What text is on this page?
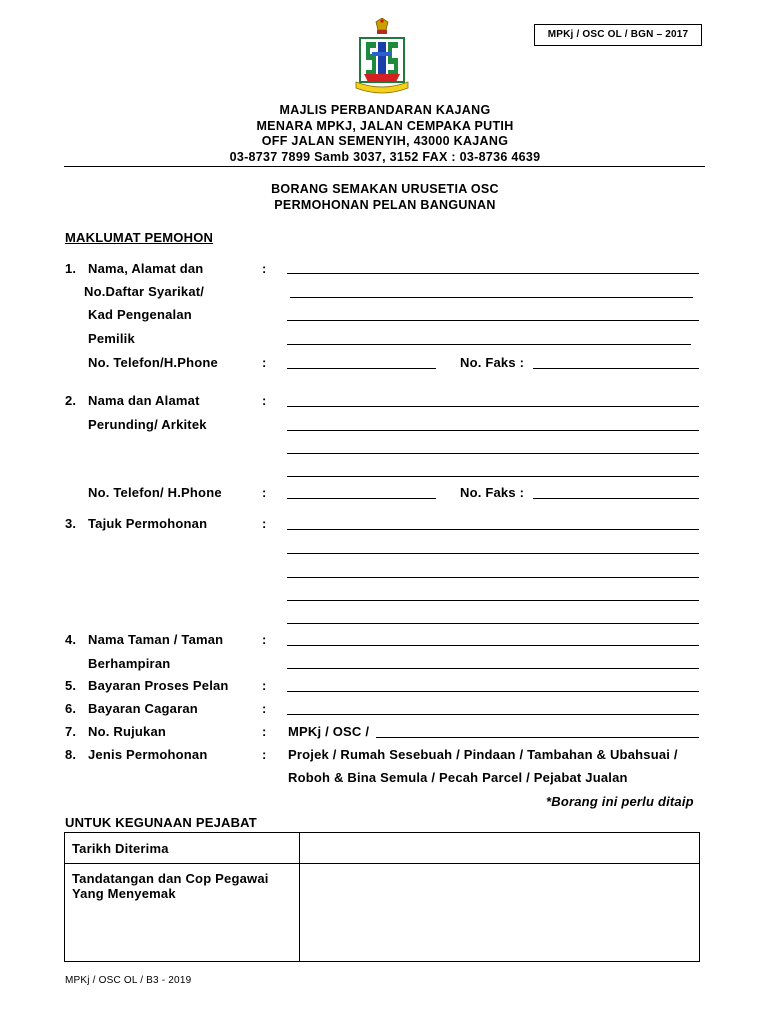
MPKj / OSC OL / BGN – 2017
MAJLIS PERBANDARAN KAJANG
MENARA MPKJ, JALAN CEMPAKA PUTIH
OFF JALAN SEMENYIH, 43000 KAJANG
03-8737 7899 Samb 3037, 3152 FAX : 03-8736 4639
BORANG SEMAKAN URUSETIA OSC
PERMOHONAN PELAN BANGUNAN
MAKLUMAT PEMOHON
1. Nama, Alamat dan
No.Daftar Syarikat/
Kad Pengenalan
Pemilik
:
No. Telefon/H.Phone	:	No. Faks :
2. Nama dan Alamat
Perunding/ Arkitek
:
No. Telefon/ H.Phone	:	No. Faks :
3. Tajuk Permohonan	:
4. Nama Taman / Taman
Berhampiran
:
5. Bayaran Proses Pelan	:
6. Bayaran Cagaran	:
7. No. Rujukan	: MPKj / OSC /
8. Jenis Permohonan	: Projek / Rumah Sesebuah / Pindaan / Tambahan & Ubahsuai /
Roboh & Bina Semula / Pecah Parcel / Pejabat Jualan
*Borang ini perlu ditaip
UNTUK KEGUNAAN PEJABAT
Tarikh Diterima
Tandatangan dan Cop Pegawai
Yang Menyemak
MPKj / OSC OL / B3 - 2019
